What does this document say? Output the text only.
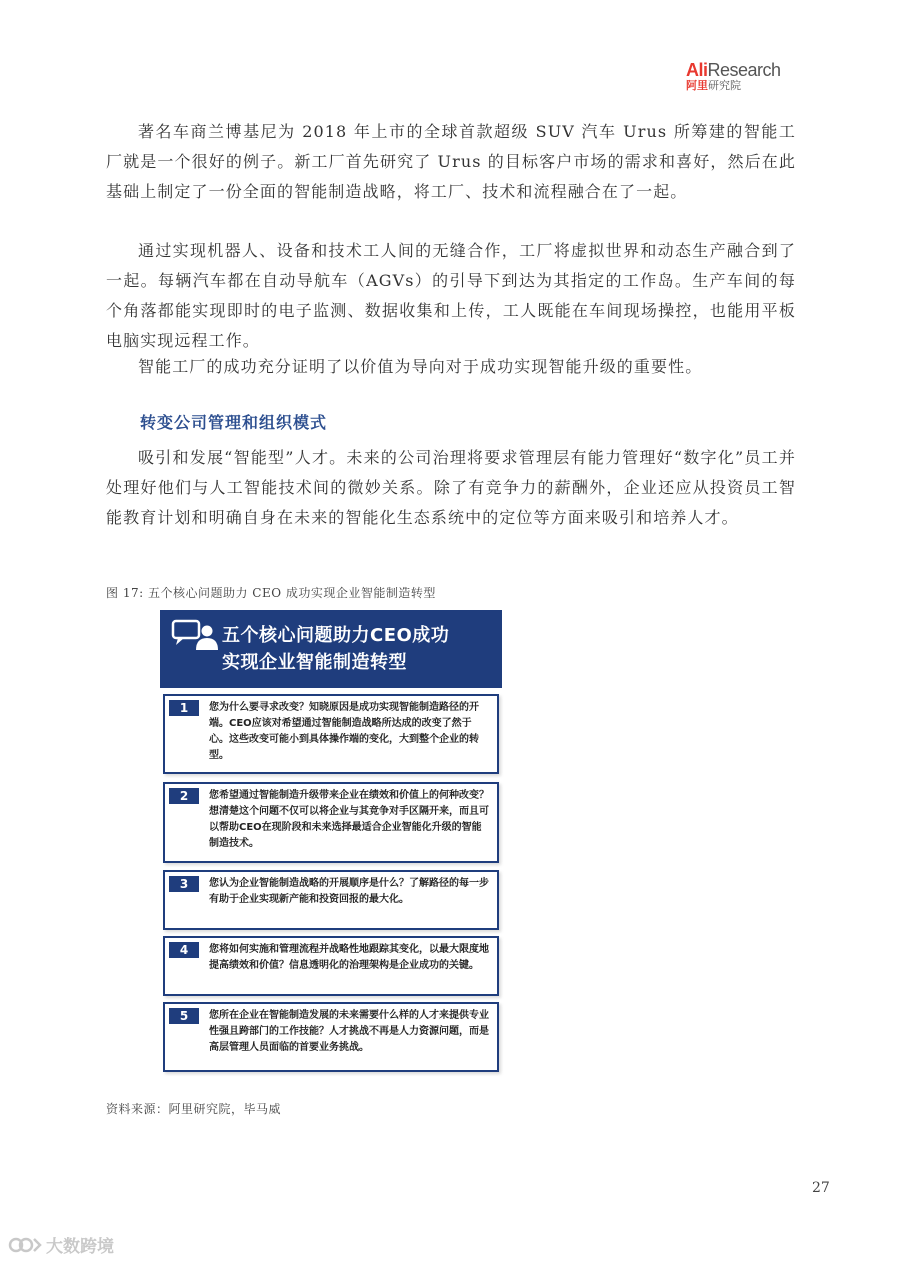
AliResearch
阿里研究院

著名车商兰博基尼为 2018 年上市的全球首款超级 SUV 汽车 Urus 所筹建的智能工厂就是一个很好的例子。新工厂首先研究了 Urus 的目标客户市场的需求和喜好，然后在此基础上制定了一份全面的智能制造战略，将工厂、技术和流程融合在了一起。

通过实现机器人、设备和技术工人间的无缝合作，工厂将虚拟世界和动态生产融合到了一起。每辆汽车都在自动导航车（AGVs）的引导下到达为其指定的工作岛。生产车间的每个角落都能实现即时的电子监测、数据收集和上传，工人既能在车间现场操控，也能用平板电脑实现远程工作。

智能工厂的成功充分证明了以价值为导向对于成功实现智能升级的重要性。

转变公司管理和组织模式

吸引和发展“智能型”人才。未来的公司治理将要求管理层有能力管理好“数字化”员工并处理好他们与人工智能技术间的微妙关系。除了有竞争力的薪酬外，企业还应从投资员工智能教育计划和明确自身在未来的智能化生态系统中的定位等方面来吸引和培养人才。

图 17: 五个核心问题助力 CEO 成功实现企业智能制造转型
五个核心问题助力CEO成功
实现企业智能制造转型
1	您为什么要寻求改变？知晓原因是成功实现智能制造路径的开端。CEO应该对希望通过智能制造战略所达成的改变了然于心。这些改变可能小到具体操作端的变化，大到整个企业的转型。
2	您希望通过智能制造升级带来企业在绩效和价值上的何种改变？想清楚这个问题不仅可以将企业与其竞争对手区隔开来，而且可以帮助CEO在现阶段和未来选择最适合企业智能化升级的智能制造技术。
3	您认为企业智能制造战略的开展顺序是什么？了解路径的每一步有助于企业实现新产能和投资回报的最大化。
4	您将如何实施和管理流程并战略性地跟踪其变化，以最大限度地提高绩效和价值？信息透明化的治理架构是企业成功的关键。
5	您所在企业在智能制造发展的未来需要什么样的人才来提供专业性强且跨部门的工作技能？人才挑战不再是人力资源问题，而是高层管理人员面临的首要业务挑战。
资料来源：阿里研究院，毕马威
27
大数跨境
